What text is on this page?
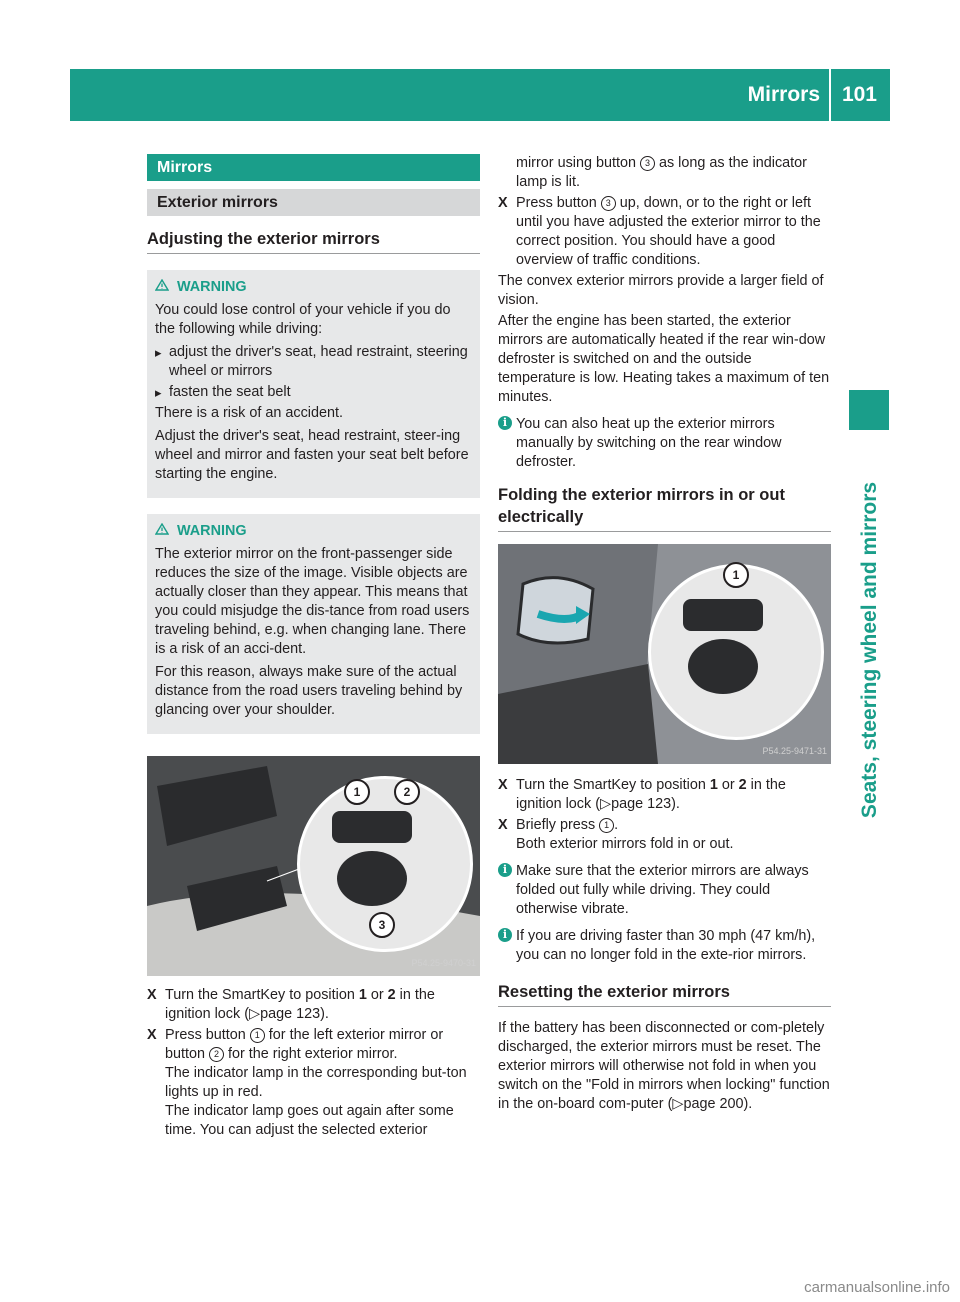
Mirrors 101
Seats, steering wheel and mirrors
Mirrors
Exterior mirrors
Adjusting the exterior mirrors
WARNING

You could lose control of your vehicle if you do the following while driving:

▸ adjust the driver's seat, head restraint, steering wheel or mirrors
▸ fasten the seat belt

There is a risk of an accident.

Adjust the driver's seat, head restraint, steer-ing wheel and mirror and fasten your seat belt before starting the engine.

WARNING

The exterior mirror on the front-passenger side reduces the size of the image. Visible objects are actually closer than they appear. This means that you could misjudge the dis-tance from road users traveling behind, e.g. when changing lane. There is a risk of an acci-dent.

For this reason, always make sure of the actual distance from the road users traveling behind by glancing over your shoulder.

1	2
3
P54.25-9470-31
X Turn the SmartKey to position 1 or 2 in the ignition lock (▷page 123).
X Press button 1 for the left exterior mirror or button 2 for the right exterior mirror.
The indicator lamp in the corresponding but-ton lights up in red.
The indicator lamp goes out again after some time. You can adjust the selected exterior
mirror using button 3 as long as the indicator lamp is lit.
X Press button 3 up, down, or to the right or left until you have adjusted the exterior mirror to the correct position. You should have a good overview of traffic conditions.

The convex exterior mirrors provide a larger field of vision.

After the engine has been started, the exterior mirrors are automatically heated if the rear win-dow defroster is switched on and the outside temperature is low. Heating takes a maximum of ten minutes.

i You can also heat up the exterior mirrors manually by switching on the rear window defroster.
Folding the exterior mirrors in or out electrically
1
P54.25-9471-31
X Turn the SmartKey to position 1 or 2 in the ignition lock (▷page 123).
X Briefly press 1 .
Both exterior mirrors fold in or out.
i Make sure that the exterior mirrors are always folded out fully while driving. They could otherwise vibrate.
i If you are driving faster than 30 mph (47 km/h), you can no longer fold in the exte-rior mirrors.
Resetting the exterior mirrors

If the battery has been disconnected or com-pletely discharged, the exterior mirrors must be reset. The exterior mirrors will otherwise not fold in when you switch on the "Fold in mirrors when locking" function in the on-board com-puter (▷page 200).

carmanualsonline.info
